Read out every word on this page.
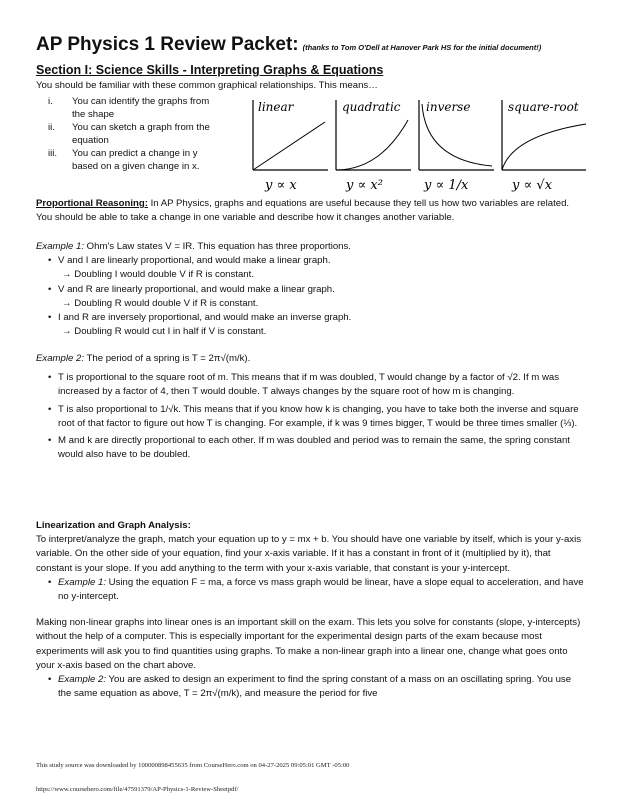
AP Physics 1 Review Packet: (thanks to Tom O'Dell at Hanover Park HS for the initial document!)
Section I: Science Skills - Interpreting Graphs & Equations
You should be familiar with these common graphical relationships. This means…
i. You can identify the graphs from
the shape
ii. You can sketch a graph from the
equation
iii. You can predict a change in y
based on a given change in x.
linear
y ∝ x
quadratic
y ∝ x²
inverse
y ∝ 1/x
square-root
y ∝ √x

Proportional Reasoning: In AP Physics, graphs and equations are useful because they tell us how two variables are related. You should be able to take a change in one variable and describe how it changes another variable.

Example 1: Ohm's Law states V = IR. This equation has three proportions.

• V and I are linearly proportional, and would make a linear graph.
→ Doubling I would double V if R is constant.
• V and R are linearly proportional, and would make a linear graph.
→ Doubling R would double V if R is constant.
• I and R are inversely proportional, and would make an inverse graph.
→ Doubling R would cut I in half if V is constant.

Example 2: The period of a spring is T = 2π√(m/k).

• T is proportional to the square root of m. This means that if m was doubled, T would change by a factor of √2. If m was increased by a factor of 4, then T would double. T always changes by the square root of how m is changing.
• T is also proportional to 1/√k. This means that if you know how k is changing, you have to take both the inverse and square root of that factor to figure out how T is changing. For example, if k was 9 times bigger, T would be three times smaller (⅓).
• M and k are directly proportional to each other. If m was doubled and period was to remain the same, the spring constant would also have to be doubled.

Linearization and Graph Analysis:

To interpret/analyze the graph, match your equation up to y = mx + b. You should have one variable by itself, which is your y-axis variable. On the other side of your equation, find your x-axis variable. If it has a constant in front of it (multiplied by it), that constant is your slope. If you add anything to the term with your x-axis variable, that constant is your y-intercept.

• Example 1: Using the equation F = ma, a force vs mass graph would be linear, have a slope equal to acceleration, and have no y-intercept.

Making non-linear graphs into linear ones is an important skill on the exam. This lets you solve for constants (slope, y-intercepts) without the help of a computer. This is especially important for the experimental design parts of the exam because most experiments will ask you to find quantities using graphs. To make a non-linear graph into a linear one, change what goes onto your x-axis based on the chart above.

• Example 2: You are asked to design an experiment to find the spring constant of a mass on an oscillating spring. You use the same equation as above, T = 2π√(m/k), and measure the period for five
This study source was downloaded by 100000898455635 from CourseHero.com on 04-27-2025 09:05:01 GMT -05:00
https://www.coursehero.com/file/47591379/AP-Physics-1-Review-Sheetpdf/
